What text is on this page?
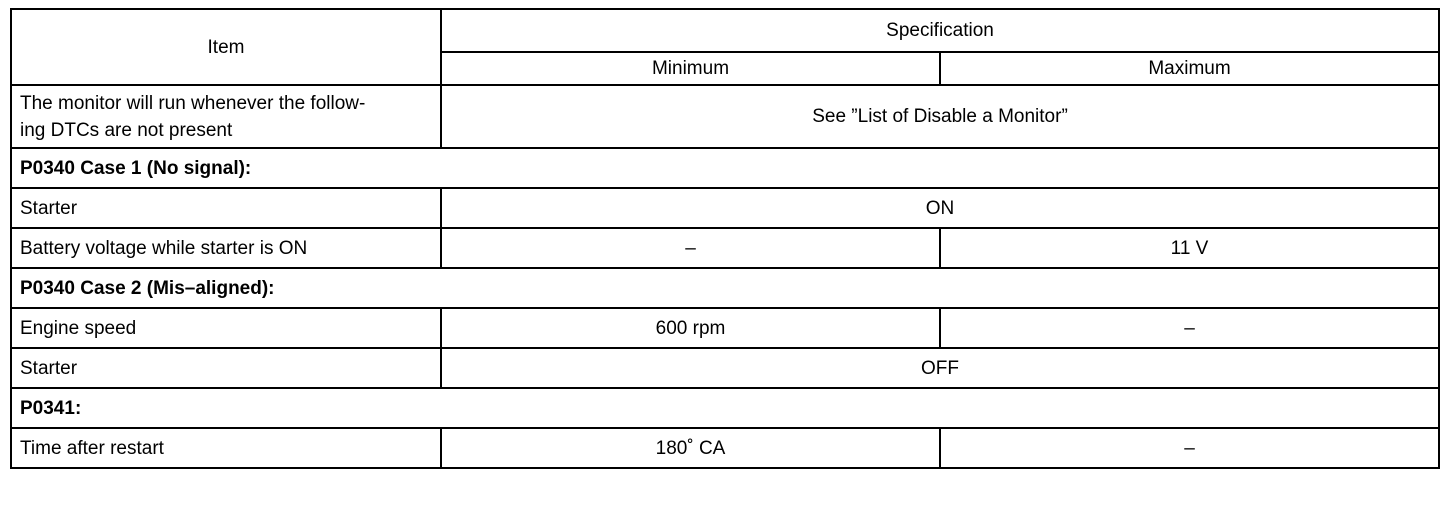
Item	Specification	
	Minimum	Maximum
The monitor will run whenever the follow-
ing DTCs are not present	See ”List of Disable a Monitor”	
P0340 Case 1 (No signal):		
Starter	ON	
Battery voltage while starter is ON	–	11 V
P0340 Case 2 (Mis–aligned):		
Engine speed	600 rpm	–
Starter	OFF	
P0341:		
Time after restart	180˚ CA	–
